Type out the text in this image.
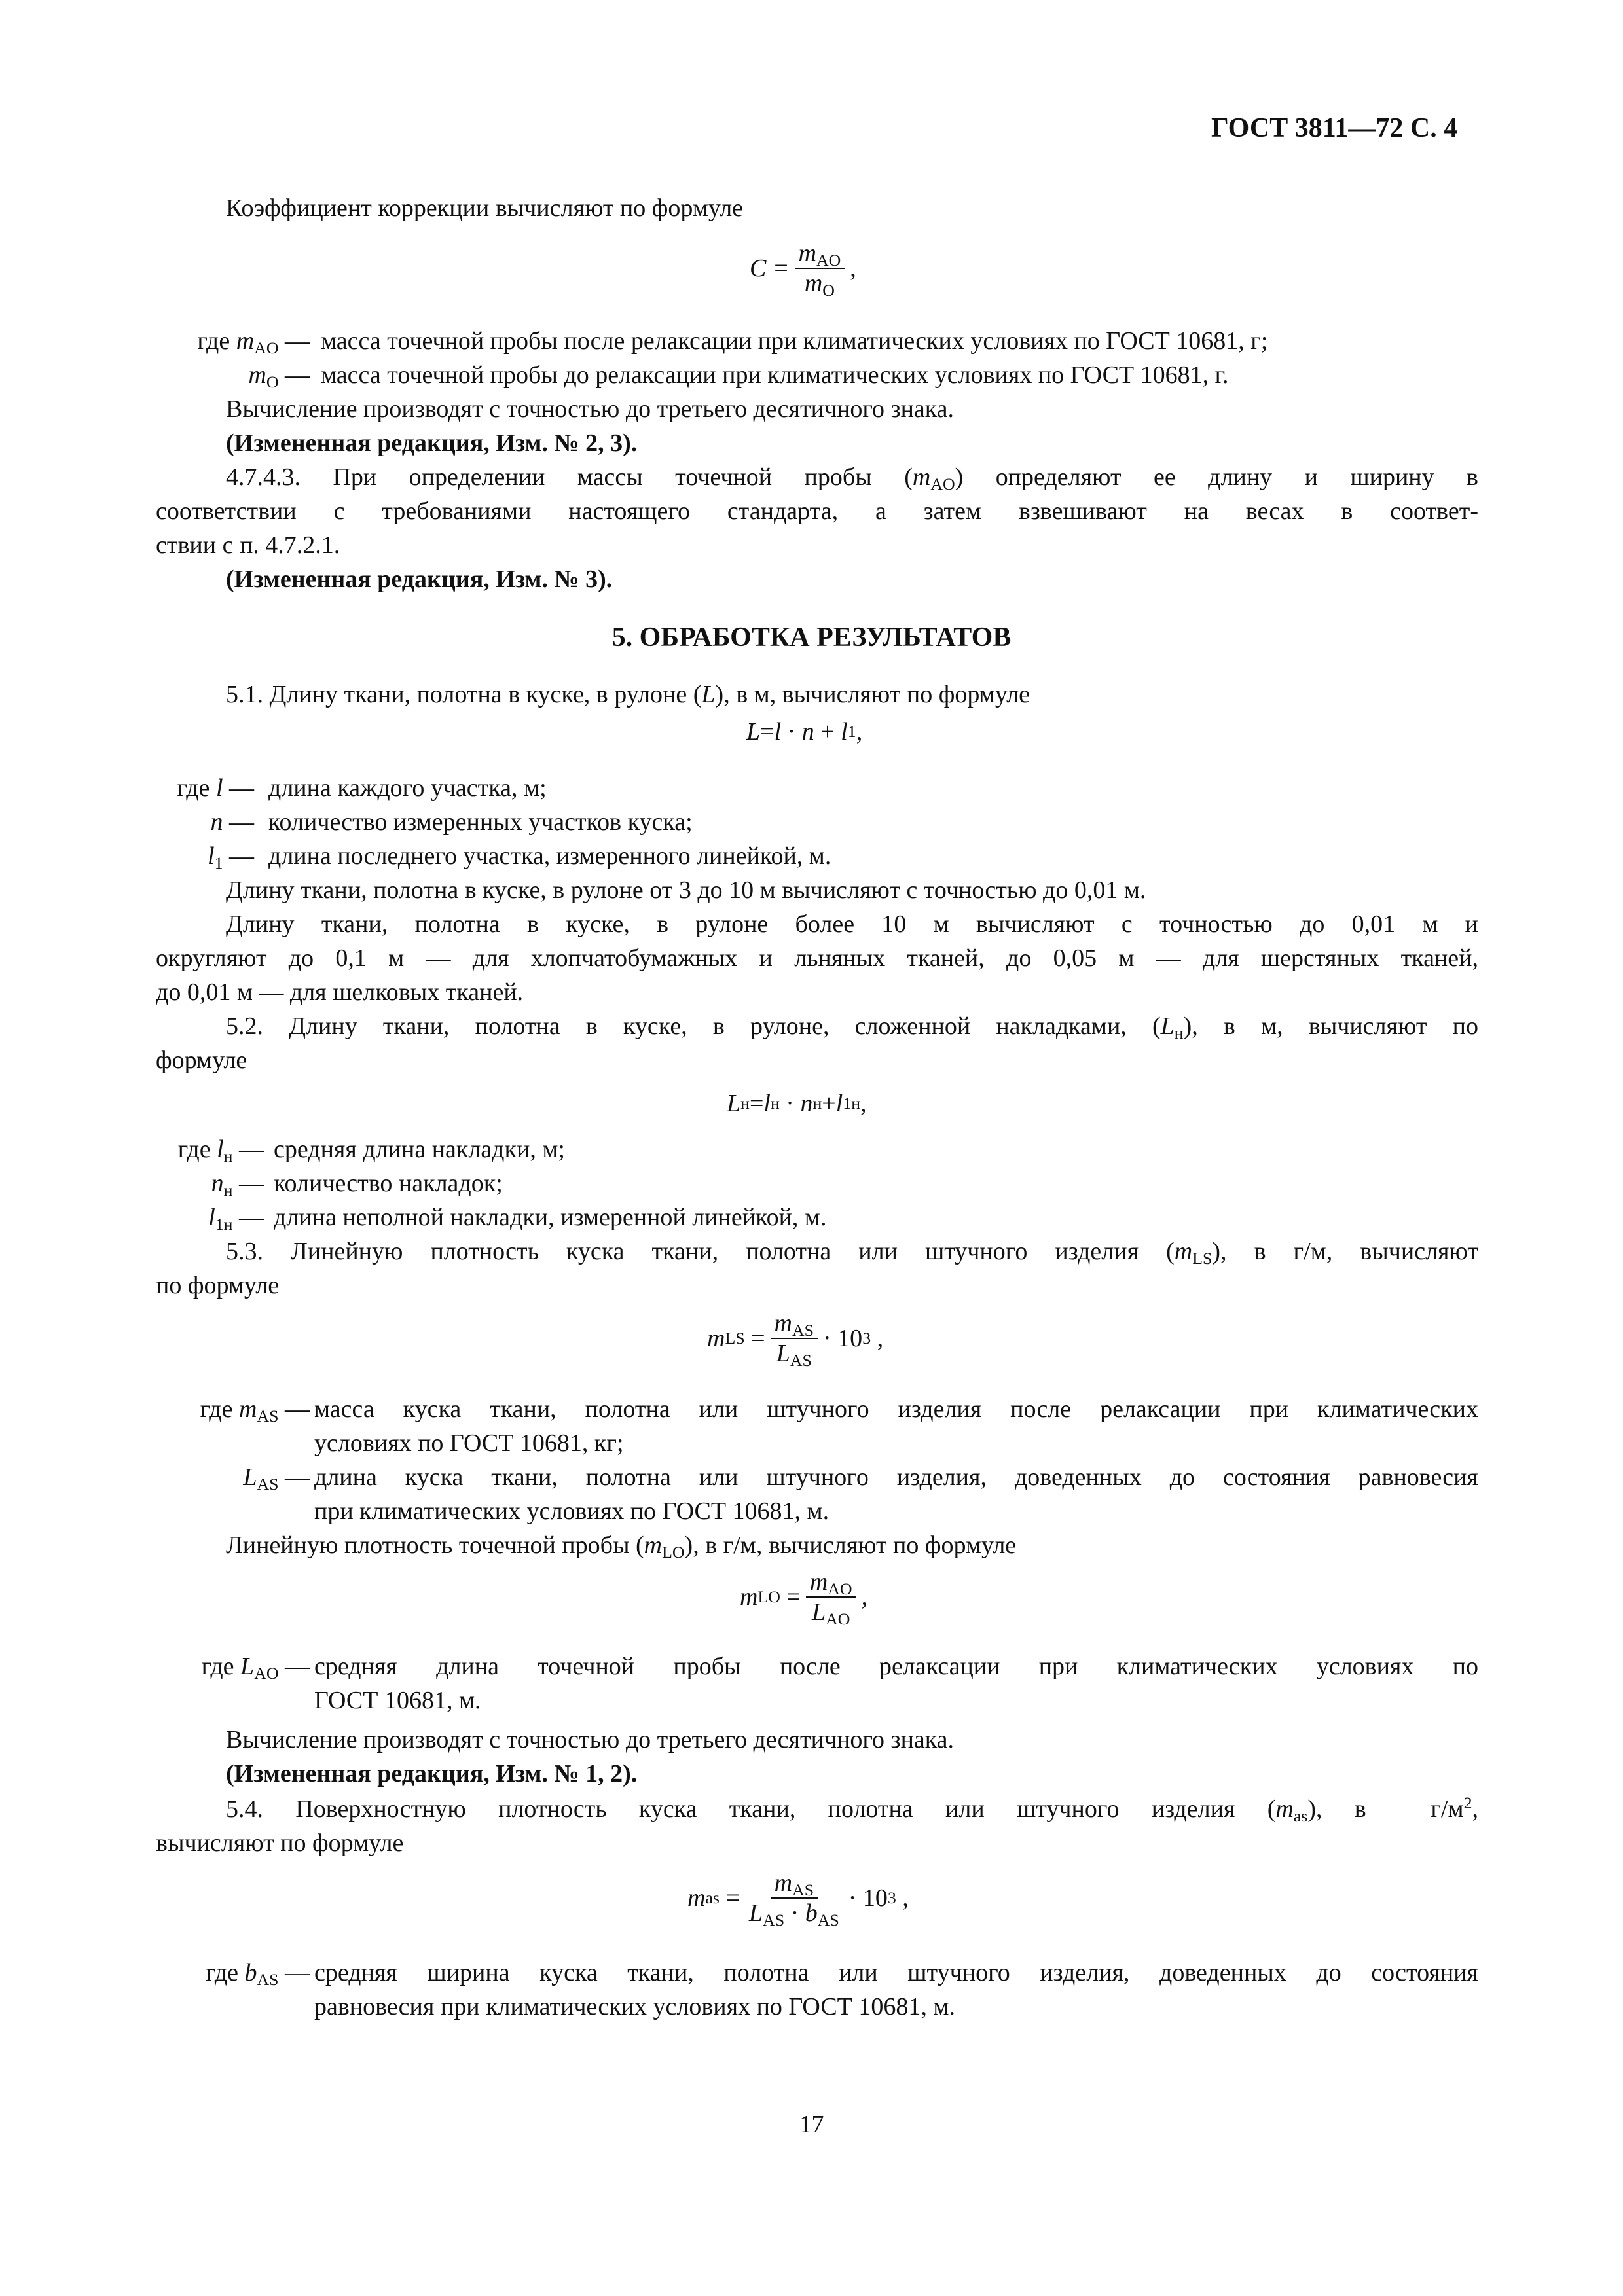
ГОСТ 3811—72 С. 4
Коэффициент коррекции вычисляют по формуле
$C = \frac{m_{AO}}{m_O}$ ,
где $m_{AO}$ — масса точечной пробы после релаксации при климатических условиях по ГОСТ 10681, г;
$m_O$ — масса точечной пробы до релаксации при климатических условиях по ГОСТ 10681, г.
Вычисление производят с точностью до третьего десятичного знака.
(Измененная редакция, Изм. № 2, 3).
4.7.4.3. При определении массы точечной пробы $(m_{AO})$ определяют ее длину и ширину в
соответствии с требованиями настоящего стандарта, а затем взвешивают на весах в соответ-
ствии с п. 4.7.2.1.
(Измененная редакция, Изм. № 3).
5. ОБРАБОТКА РЕЗУЛЬТАТОВ
5.1. Длину ткани, полотна в куске, в рулоне (L), в м, вычисляют по формуле
L = l · n + l 1 ,
где l — длина каждого участка, м;
n — количество измеренных участков куска;
$l_1$ — длина последнего участка, измеренного линейкой, м.
Длину ткани, полотна в куске, в рулоне от 3 до 10 м вычисляют с точностью до 0,01 м.
Длину ткани, полотна в куске, в рулоне более 10 м вычисляют с точностью до 0,01 м и
округляют до 0,1 м — для хлопчатобумажных и льняных тканей, до 0,05 м — для шерстяных тканей,
до 0,01 м — для шелковых тканей.
5.2. Длину ткани, полотна в куске, в рулоне, сложенной накладками, $(L_н)$, в м, вычисляют по
формуле
L н = l н · n н + l 1н ,
где $l_н$ — средняя длина накладки, м;
$n_н$ — количество накладок;
$l_{1н}$ — длина неполной накладки, измеренной линейкой, м.
5.3. Линейную плотность куска ткани, полотна или штучного изделия $(m_{LS})$, в г/м, вычисляют
по формуле
m LS
= $\frac{m_{AS}}{L_{AS}} \cdot 10$ 3
,
где $m_{AS}$ — масса куска ткани, полотна или штучного изделия после релаксации при климатических
условиях по ГОСТ 10681, кг;
$L_{AS}$ — длина куска ткани, полотна или штучного изделия, доведенных до состояния равновесия
при климатических условиях по ГОСТ 10681, м.
Линейную плотность точечной пробы $(m_{LO})$, в г/м, вычисляют по формуле
m LO
= $\frac{m_{AO}}{L_{AO}}$ ,
где $L_{AO}$ — средняя длина точечной пробы после релаксации при климатических условиях по
ГОСТ 10681, м.
Вычисление производят с точностью до третьего десятичного знака.
(Измененная редакция, Изм. № 1, 2).
5.4. Поверхностную плотность куска ткани, полотна или штучного изделия $(m_{as})$, в  $г/м^2$,
вычисляют по формуле
m as
= $\frac{m_{AS}}{L_{AS} \cdot b_{AS}} \cdot 10$ 3
,
где $b_{AS}$ — средняя ширина куска ткани, полотна или штучного изделия, доведенных до состояния
равновесия при климатических условиях по ГОСТ 10681, м.
17
